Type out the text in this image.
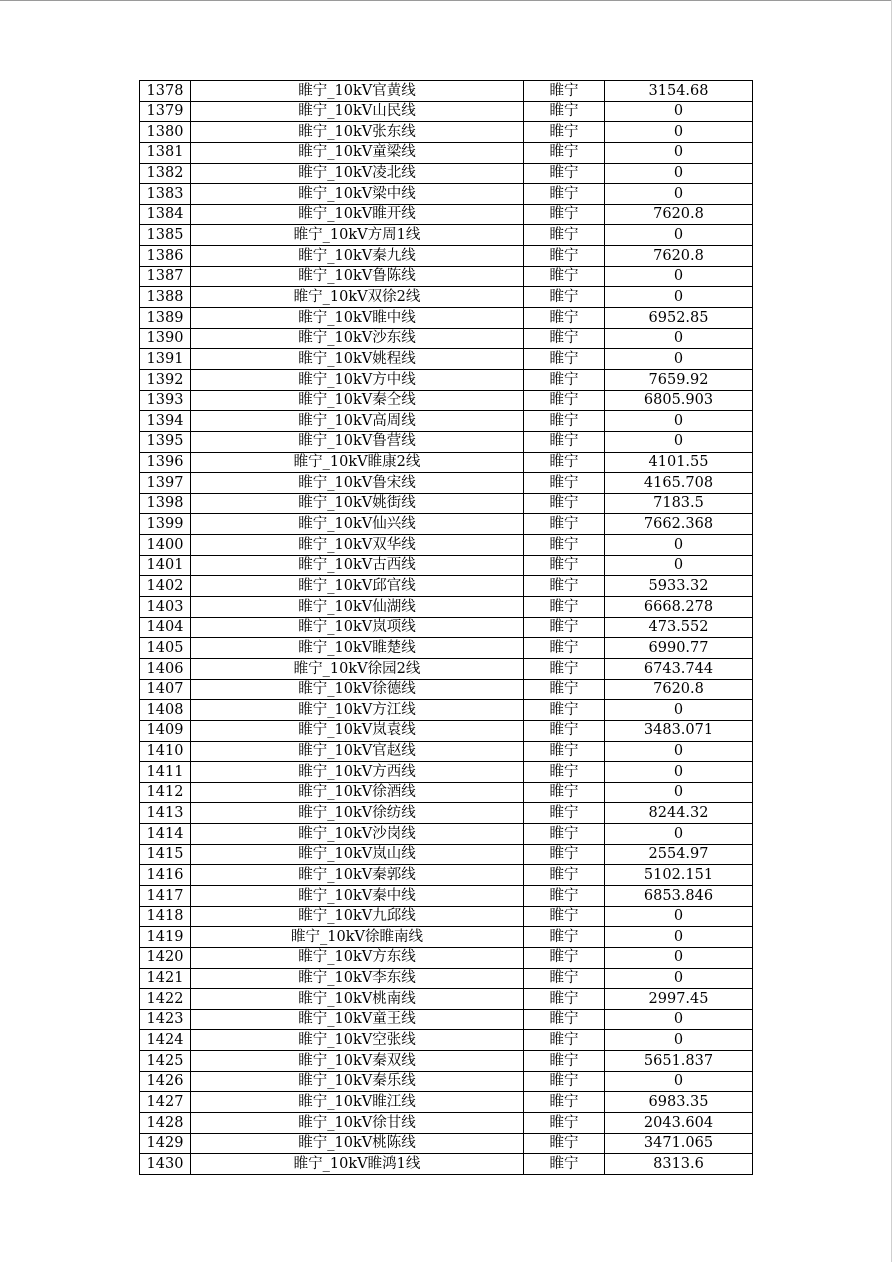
1378	睢宁_10kV官黄线	睢宁	3154.68
1379	睢宁_10kV山民线	睢宁	0
1380	睢宁_10kV张东线	睢宁	0
1381	睢宁_10kV童梁线	睢宁	0
1382	睢宁_10kV凌北线	睢宁	0
1383	睢宁_10kV梁中线	睢宁	0
1384	睢宁_10kV睢开线	睢宁	7620.8
1385	睢宁_10kV方周1线	睢宁	0
1386	睢宁_10kV秦九线	睢宁	7620.8
1387	睢宁_10kV鲁陈线	睢宁	0
1388	睢宁_10kV双徐2线	睢宁	0
1389	睢宁_10kV睢中线	睢宁	6952.85
1390	睢宁_10kV沙东线	睢宁	0
1391	睢宁_10kV姚程线	睢宁	0
1392	睢宁_10kV方中线	睢宁	7659.92
1393	睢宁_10kV秦仝线	睢宁	6805.903
1394	睢宁_10kV高周线	睢宁	0
1395	睢宁_10kV鲁营线	睢宁	0
1396	睢宁_10kV睢康2线	睢宁	4101.55
1397	睢宁_10kV鲁宋线	睢宁	4165.708
1398	睢宁_10kV姚街线	睢宁	7183.5
1399	睢宁_10kV仙兴线	睢宁	7662.368
1400	睢宁_10kV双华线	睢宁	0
1401	睢宁_10kV古西线	睢宁	0
1402	睢宁_10kV邱官线	睢宁	5933.32
1403	睢宁_10kV仙湖线	睢宁	6668.278
1404	睢宁_10kV岚项线	睢宁	473.552
1405	睢宁_10kV睢楚线	睢宁	6990.77
1406	睢宁_10kV徐园2线	睢宁	6743.744
1407	睢宁_10kV徐德线	睢宁	7620.8
1408	睢宁_10kV方江线	睢宁	0
1409	睢宁_10kV岚袁线	睢宁	3483.071
1410	睢宁_10kV官赵线	睢宁	0
1411	睢宁_10kV方西线	睢宁	0
1412	睢宁_10kV徐酒线	睢宁	0
1413	睢宁_10kV徐纺线	睢宁	8244.32
1414	睢宁_10kV沙岗线	睢宁	0
1415	睢宁_10kV岚山线	睢宁	2554.97
1416	睢宁_10kV秦郭线	睢宁	5102.151
1417	睢宁_10kV秦中线	睢宁	6853.846
1418	睢宁_10kV九邱线	睢宁	0
1419	睢宁_10kV徐睢南线	睢宁	0
1420	睢宁_10kV方东线	睢宁	0
1421	睢宁_10kV李东线	睢宁	0
1422	睢宁_10kV桃南线	睢宁	2997.45
1423	睢宁_10kV童王线	睢宁	0
1424	睢宁_10kV空张线	睢宁	0
1425	睢宁_10kV秦双线	睢宁	5651.837
1426	睢宁_10kV秦乐线	睢宁	0
1427	睢宁_10kV睢江线	睢宁	6983.35
1428	睢宁_10kV徐甘线	睢宁	2043.604
1429	睢宁_10kV桃陈线	睢宁	3471.065
1430	睢宁_10kV睢鸿1线	睢宁	8313.6
